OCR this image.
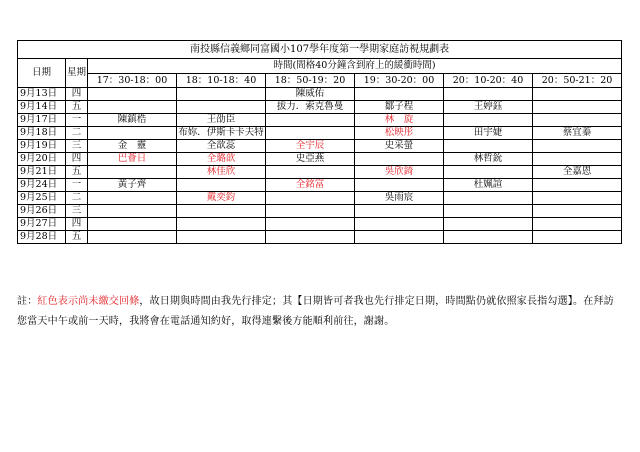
南投縣信義鄉同富國小107學年度第一學期家庭訪視規劃表							
日期	星期	時間(間格40分鐘含到府上的緩衝時間)					
		17：30-18：00	18：10-18：40	18：50-19：20	19：30-20：00	20：10-20：40	20：50-21：20
9月13日	四			陳威佑			
9月14日	五			拔力．索克魯曼	鄒子程	王婷鈺	
9月17日	一	陳鎮梏	王劭臣		林　旋		
9月18日	二		布妳．伊斯卡卡夫特		松映彤	田宇婕	蔡宜蓁
9月19日	三	金　靈	全歆蕊	全宇辰	史采螢		
9月20日	四	巴薈日	全璐歆	史亞燕		林哲鈗	
9月21日	五		林佳欣		吳欣錡		全嘉恩
9月24日	一	黃子齊		全銘富		杜姵諠	
9月25日	二		戴奕鈞		吳雨宸		
9月26日	三						
9月27日	四						
9月28日	五						
註：紅色表示尚未繳交回條，故日期與時間由我先行排定；其【日期皆可者我也先行排定日期，時間點仍就依照家長指勾選】。在拜訪您當天中午或前一天時，我將會在電話通知約好，取得連繫後方能順利前往，謝謝。
